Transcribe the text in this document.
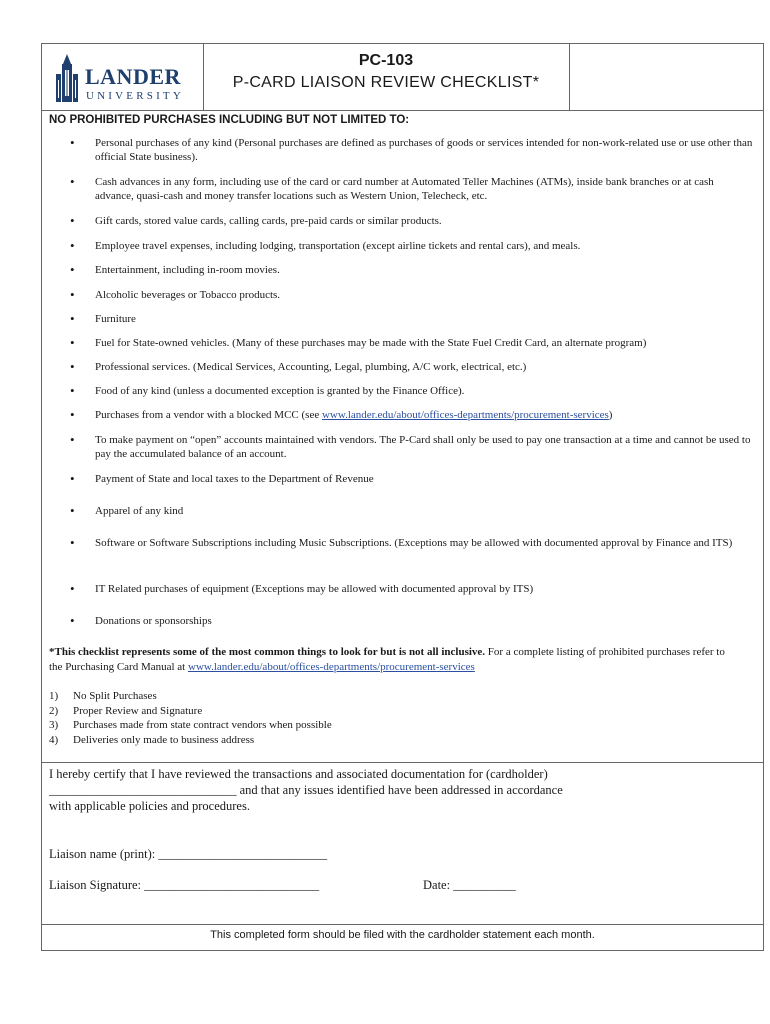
LANDER
UNIVERSITY
PC-103
P-CARD LIAISON REVIEW CHECKLIST*
NO PROHIBITED PURCHASES INCLUDING BUT NOT LIMITED TO:
• Personal purchases of any kind (Personal purchases are defined as purchases of goods or services intended for non-work-related use or use other than official State business).
• Cash advances in any form, including use of the card or card number at Automated Teller Machines (ATMs), inside bank branches or at cash advance, quasi-cash and money transfer locations such as Western Union, Telecheck, etc.
• Gift cards, stored value cards, calling cards, pre-paid cards or similar products.
• Employee travel expenses, including lodging, transportation (except airline tickets and rental cars), and meals.
• Entertainment, including in-room movies.
• Alcoholic beverages or Tobacco products.
• Furniture
• Fuel for State-owned vehicles. (Many of these purchases may be made with the State Fuel Credit Card, an alternate program)
• Professional services. (Medical Services, Accounting, Legal, plumbing, A/C work, electrical, etc.)
• Food of any kind (unless a documented exception is granted by the Finance Office).
• Purchases from a vendor with a blocked MCC (see www.lander.edu/about/offices-departments/procurement-services)
• To make payment on “open” accounts maintained with vendors. The P-Card shall only be used to pay one transaction at a time and cannot be used to pay the accumulated balance of an account.
• Payment of State and local taxes to the Department of Revenue
• Apparel of any kind
• Software or Software Subscriptions including Music Subscriptions. (Exceptions may be allowed with documented approval by Finance and ITS)
• IT Related purchases of equipment (Exceptions may be allowed with documented approval by ITS)
• Donations or sponsorships
*This checklist represents some of the most common things to look for but is not all inclusive. For a complete listing of prohibited purchases refer to the Purchasing Card Manual at www.lander.edu/about/offices-departments/procurement-services
1) No Split Purchases
2) Proper Review and Signature
3) Purchases made from state contract vendors when possible
4) Deliveries only made to business address
I hereby certify that I have reviewed the transactions and associated documentation for (cardholder)
______________________________ and that any issues identified have been addressed in accordance
with applicable policies and procedures.
Liaison name (print): ___________________________
Liaison Signature: ____________________________	Date: __________
This completed form should be filed with the cardholder statement each month.
